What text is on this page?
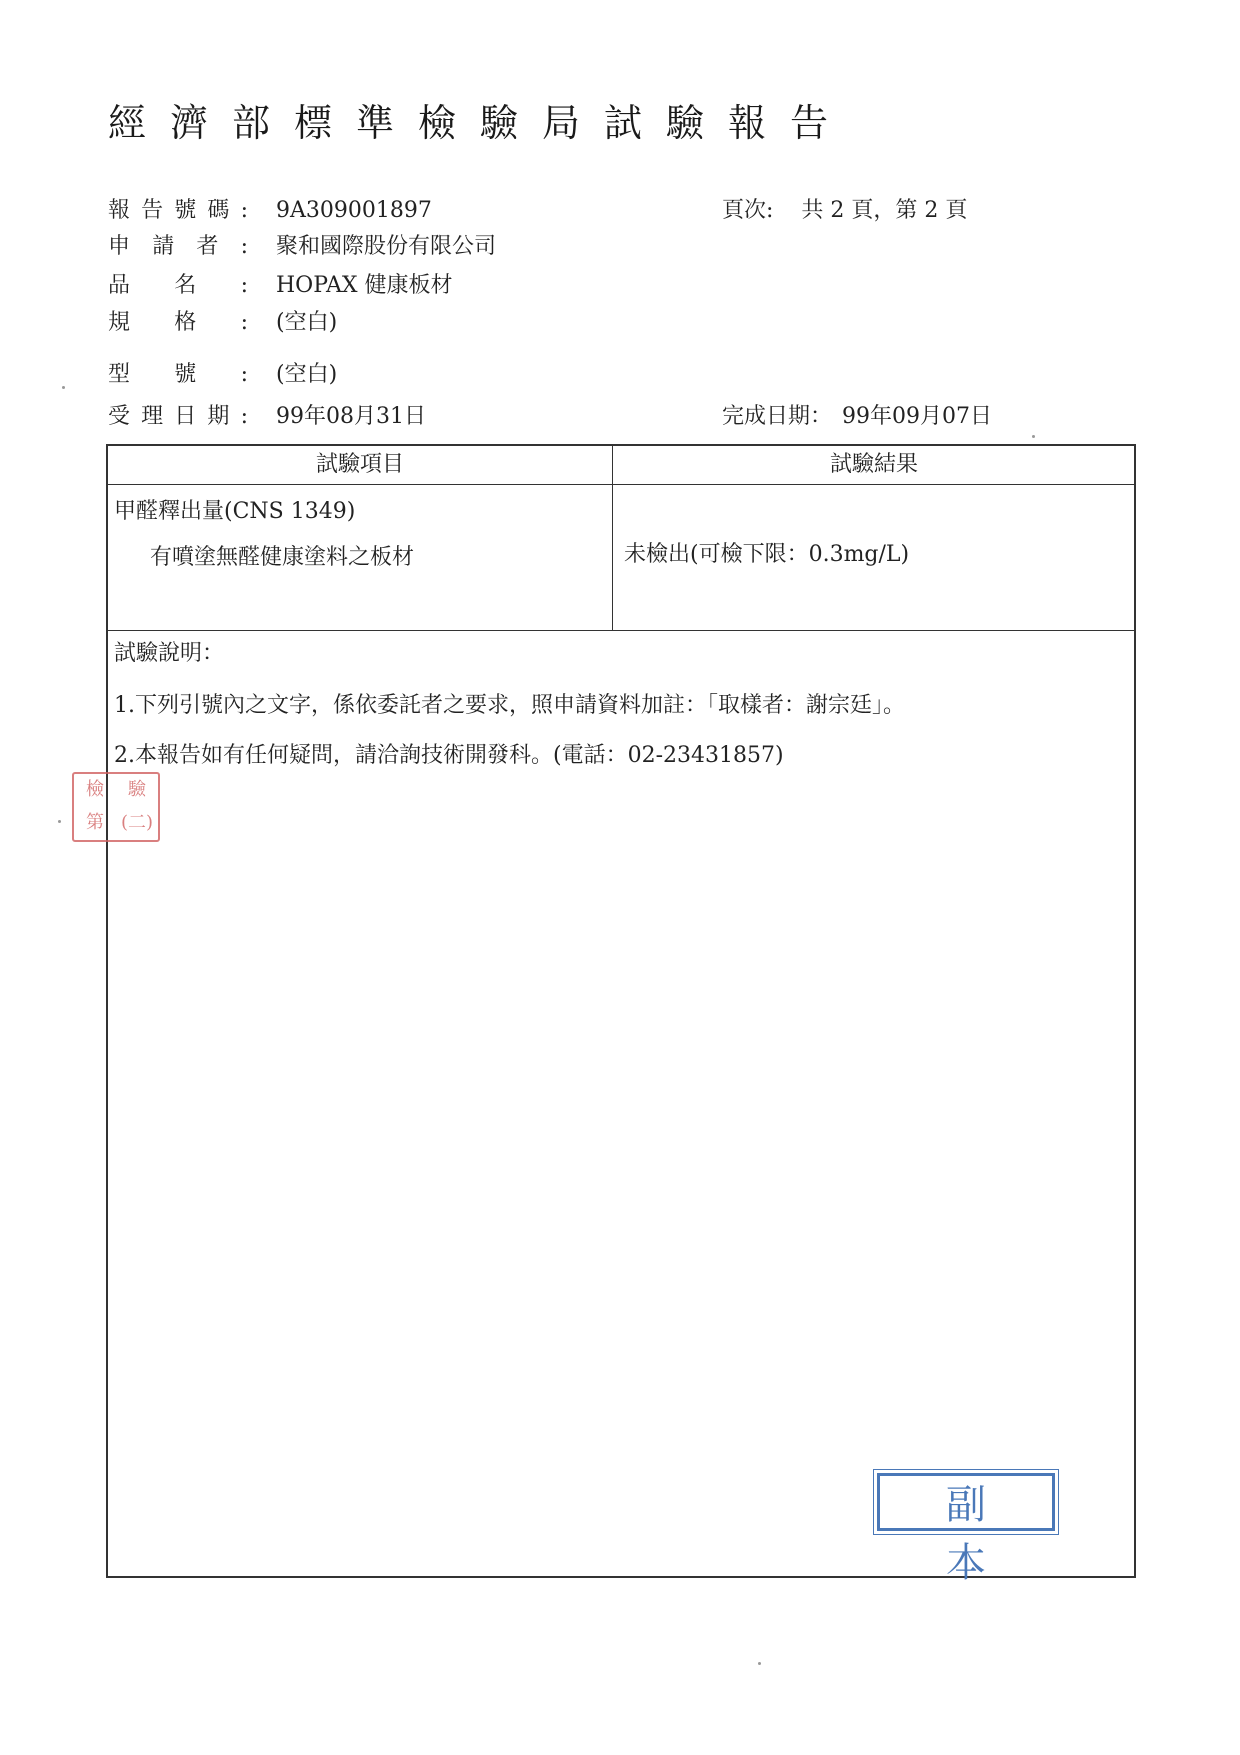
經濟部標準檢驗局試驗報告
報告號碼: 9A309001897	頁次: 共 2 頁，第 2 頁
申請者: 聚和國際股份有限公司
品名: HOPAX 健康板材
規格: (空白)
型號: (空白)
受理日期: 99年08月31日	完成日期： 99年09月07日
試驗項目	試驗結果
甲醛釋出量(CNS 1349)
有噴塗無醛健康塗料之板材	未檢出(可檢下限：0.3mg/L)
試驗說明：
1.下列引號內之文字，係依委託者之要求，照申請資料加註：「取樣者：謝宗廷」。
2.本報告如有任何疑問，請洽詢技術開發科。(電話：02-23431857)
檢	驗
第 (二)
副本
